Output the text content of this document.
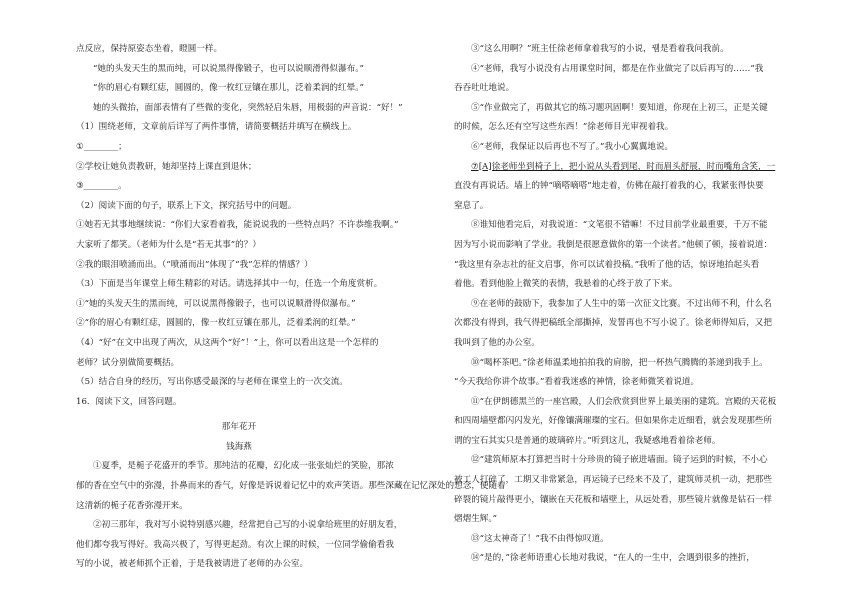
点反应，保持原姿态坐着，瞪圆一样。

“她的头发天生的黑而纯，可以说黑得像锻子，也可以说顺滑得似瀑布。”

“你的眉心有颗红痣，圆圆的，像一枚红豆镶在那儿，泛着柔润的红晕。”

她的头微抬，面部表情有了些微的变化，突然轻启朱唇，用极弱的声音说：“好！”

（1）围绕老师，文章前后详写了两件事情，请简要概括并填写在横线上。

①________；

②学校让她负责教研，她却坚持上课直到退休；

③________。

（2）阅读下面的句子，联系上下文，探究括号中的问题。

①她若无其事地继续说：“你们大家看着我，能说说我的一些特点吗？不许恭维我啊。”

大家听了都笑。（老师为什么是“若无其事”的？）

②我的眼泪喷涌而出。（“喷涌而出”体现了“我”怎样的情感？）

（3）下面是当年课堂上师生精彩的对话。请选择其中一句，任选一个角度赏析。

①“她的头发天生的黑而纯，可以说黑得像锻子，也可以说顺滑得似瀑布。”

②“你的眉心有颗红痣，圆圆的，像一枚红豆镶在那儿，泛着柔润的红晕。”

（4）“好”在文中出现了两次，从这两个“好”！”上，你可以看出这是一个怎样的

老师？试分别做简要概括。

（5）结合自身的经历，写出你感受最深的与老师在课堂上的一次交流。

16．阅读下文，回答问题。

那年花开

钱海燕

①夏季，是栀子花盛开的季节。那纯洁的花瓣，幻化成一张张灿烂的笑脸，那浓

郁的香在空气中的弥漫，扑鼻而来的香气，好像是诉说着记忆中的欢声笑语。那些深藏在记忆深处的想念，便随着

这清新的栀子花香弥漫开来。

②初三那年，我对写小说特别感兴趣，经常把自己写的小说拿给班里的好朋友看，

他们都夸我写得好。我高兴极了，写得更起劲。有次上课的时候，一位同学偷偷看我

写的小说，被老师抓个正着，于是我被请进了老师的办公室。

③“这么用啊？”班主任徐老师拿着我写的小说，뀀是看着我问我前。

④“老师，我写小说没有占用课堂时间，都是在作业做完了以后再写的……”我

吞吞吐吐地说。

⑤“作业做完了，再做其它的练习题巩固啊！要知道，你现在上初三，正是关键

的时候，怎么还有空写这些东西！”徐老师目光审视着我。

⑥“老师，我保证以后再也不写了。”我小心翼翼地说。

⑦[A]徐老师坐到椅子上，把小说从头看到尾，时而眉头舒展，时而嘴角含笑，一

直没有再说话。墙上的钟“嘀嗒嘀嗒”地走着，仿佛在敲打着我的心，我紧张得快要

窒息了。

⑧谁知他看完后，对我说道：“文笔很不错嘛！不过目前学业最重要，千万不能

因为写小说而影响了学业。我倒是很愿意做你的第一个读者。”他顿了顿，接着说道：

“我这里有杂志社的征文启事，你可以试着投稿。”我听了他的话，惊讶地抬起头看

着他。看到他脸上微笑的表情，我悬着的心终于放了下来。

⑨在老师的鼓励下，我参加了人生中的第一次征文比赛。不过出师不利，什么名

次都没有得到，我气得把稿纸全部撕掉，发誓再也不写小说了。徐老师得知后，又把

我叫到了他的办公室。

⑩“喝杯茶吧。”徐老师温柔地拍拍我的肩膀，把一杯热气腾腾的茶递到我手上。

“今天我给你讲个故事。”看着我迷惑的神情，徐老师微笑着说道。

⑪“在伊朗德黑兰的一座宫殿，人们会欣赏到世界上最美丽的建筑。宫殿的天花板

和四周墙壁都闪闪发光，好像镶满璀璨的宝石。但如果你走近细看，就会发现那些所

谓的宝石其实只是普通的玻璃碎片。”听到这儿，我疑惑地看着徐老师。

⑫“建筑师原本打算把当时十分珍贵的镜子嵌进墙面。镜子运到的时候，不小心

被工人打碎了，工期又非常紧急，再运镜子已经来不及了，建筑师灵机一动，把那些

碎裂的镜片敲得更小，镶嵌在天花板和墙壁上，从远处看，那些镜片就像是钻石一样

熠熠生辉。”

⑬“这太神奇了！”我不由得惊叹道。

⑭“是的，”徐老师语重心长地对我说，“在人的一生中，会遇到很多的挫折，
